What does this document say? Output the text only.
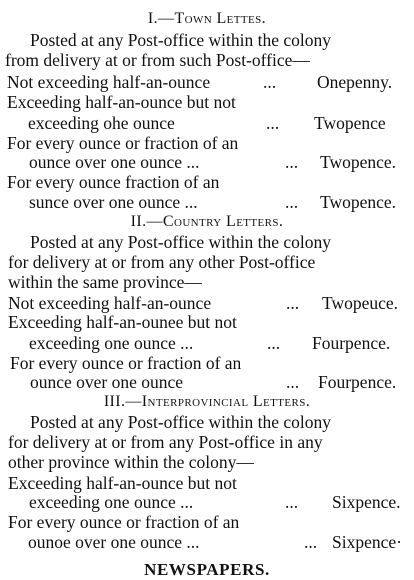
I.—Town Lettes.
Posted at any Post-office within the colony
from delivery at or from such Post-office—
Not exceeding half-an-ounce	... Onepenny.
Exceeding half-an-ounce but not
exceeding ohe ounce	... Twopence
For every ounce or fraction of an
ounce over one ounce ...	... Twopence.
For every ounce fraction of an
sunce over one ounce ...	... Twopence.
II.—Country Letters.
Posted at any Post-office within the colony
for delivery at or from any other Post-office
within the same province—
Not exceeding half-an-ounce	... Twopeuce.
Exceeding half-an-ounee but not
exceeding one ounce ...	... Fourpence.
For every ounce or fraction of an
ounce over one ounce	... Fourpence.
III.—Interprovincial Letters.
Posted at any Post-office within the colony
for delivery at or from any Post-office in any
other province within the colony—
Exceeding half-an-ounce but not
exceeding one ounce ...	... Sixpence.
For every ounce or fraction of an
ounoe over one ounce ...	... Sixpence·
NEWSPAPERS.
